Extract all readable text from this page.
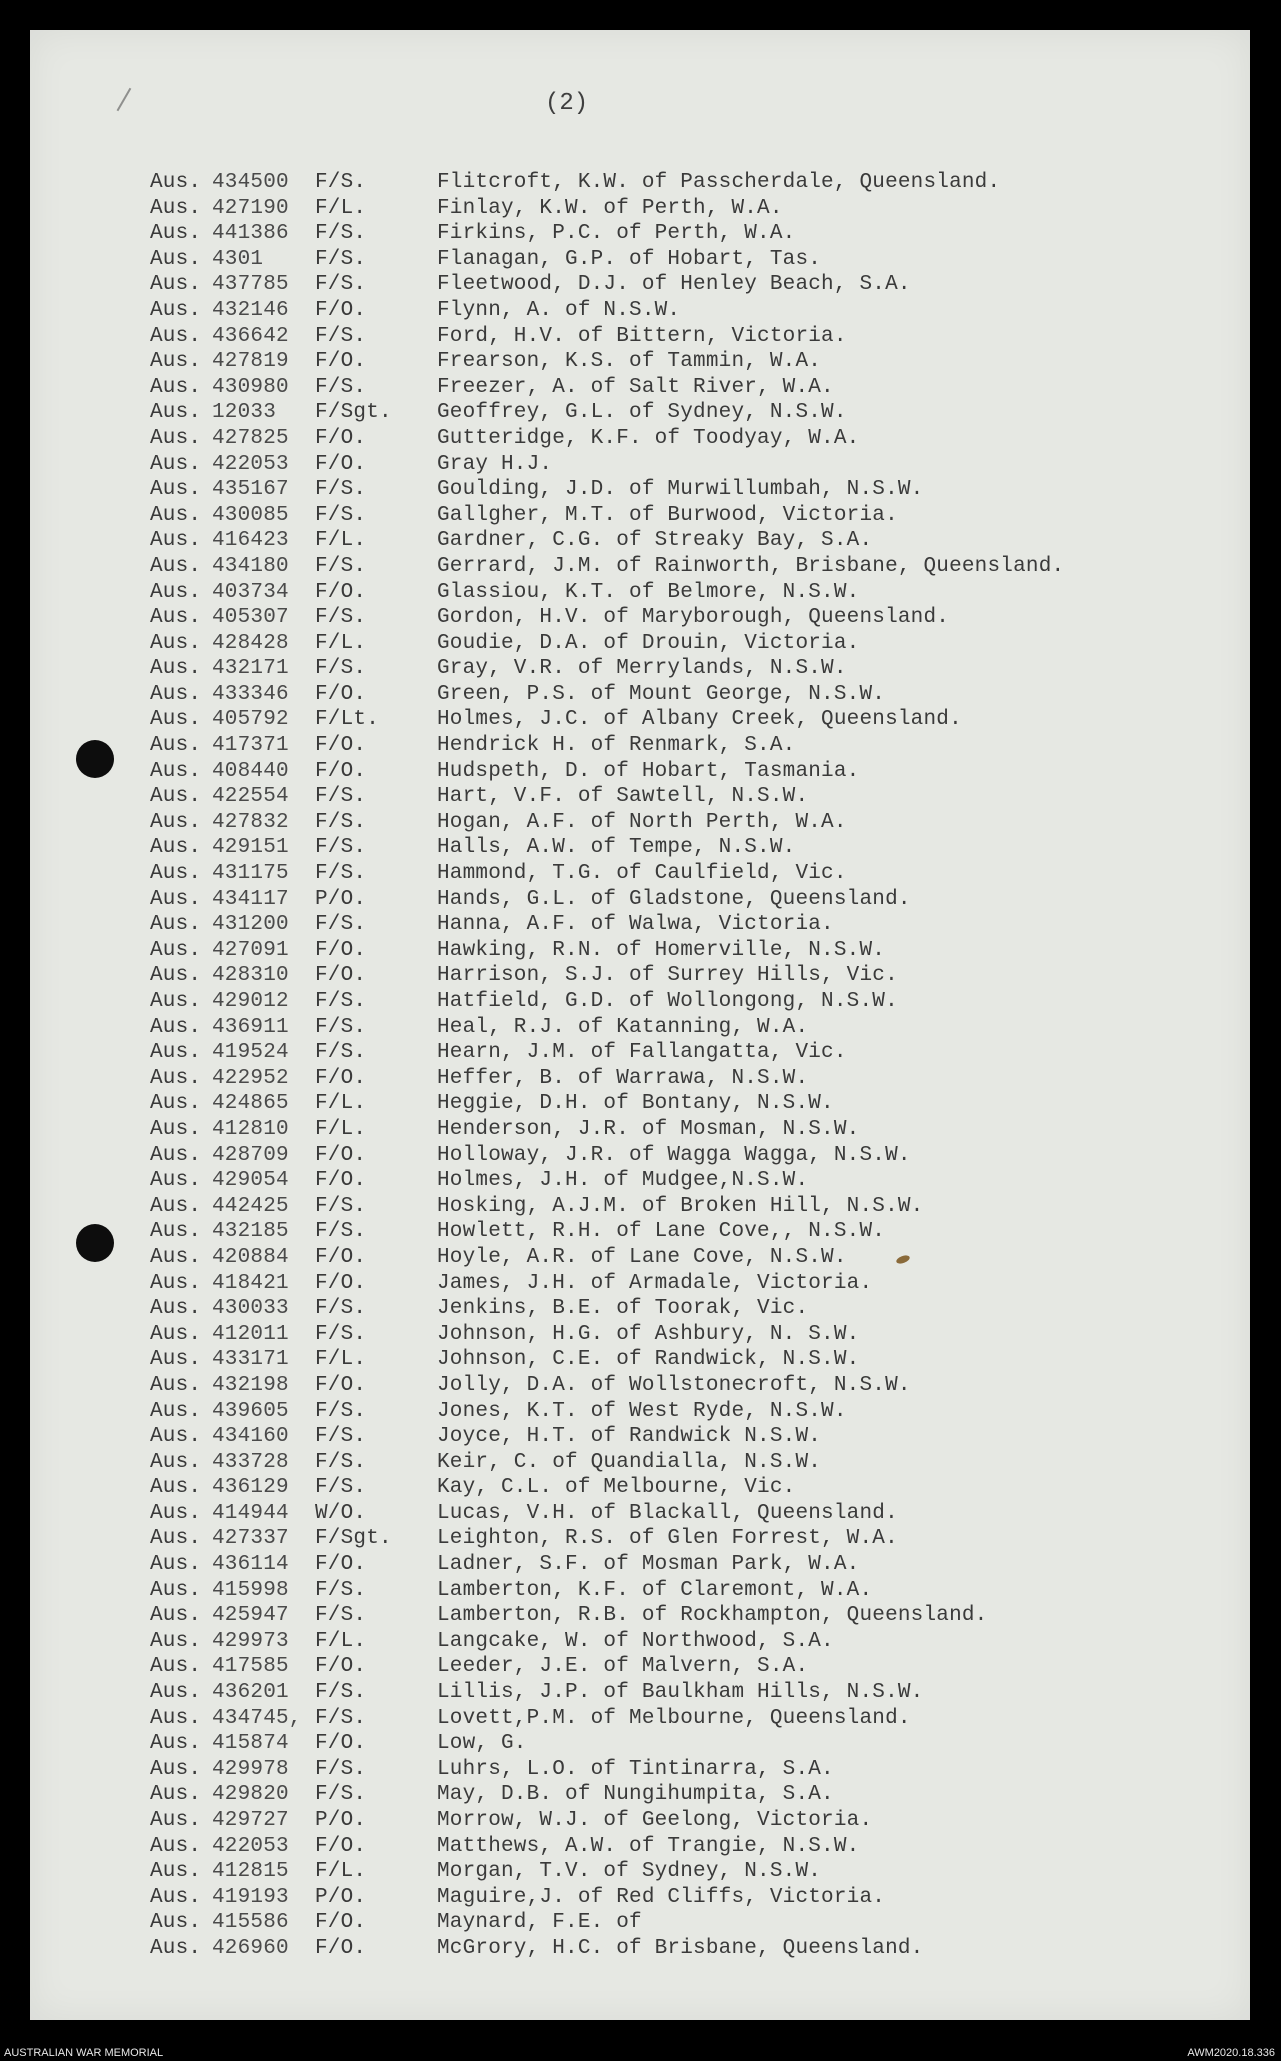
(2)
Aus. 434500 F/S.	Flitcroft, K.W. of Passcherdale, Queensland.
Aus. 427190 F/L.	Finlay, K.W. of Perth, W.A.
Aus. 441386 F/S.	Firkins, P.C. of Perth, W.A.
Aus. 4301 F/S.	Flanagan, G.P. of Hobart, Tas.
Aus. 437785 F/S.	Fleetwood, D.J. of Henley Beach, S.A.
Aus. 432146 F/O.	Flynn, A. of N.S.W.
Aus. 436642 F/S.	Ford, H.V. of Bittern, Victoria.
Aus. 427819 F/O.	Frearson, K.S. of Tammin, W.A.
Aus. 430980 F/S.	Freezer, A. of Salt River, W.A.
Aus. 12033 F/Sgt. Geoffrey, G.L. of Sydney, N.S.W.
Aus. 427825 F/O.	Gutteridge, K.F. of Toodyay, W.A.
Aus. 422053 F/O.	Gray H.J.
Aus. 435167 F/S.	Goulding, J.D. of Murwillumbah, N.S.W.
Aus. 430085 F/S.	Gallgher, M.T. of Burwood, Victoria.
Aus. 416423 F/L.	Gardner, C.G. of Streaky Bay, S.A.
Aus. 434180 F/S.	Gerrard, J.M. of Rainworth, Brisbane, Queensland.
Aus. 403734 F/O.	Glassiou, K.T. of Belmore, N.S.W.
Aus. 405307 F/S.	Gordon, H.V. of Maryborough, Queensland.
Aus. 428428 F/L.	Goudie, D.A. of Drouin, Victoria.
Aus. 432171 F/S.	Gray, V.R. of Merrylands, N.S.W.
Aus. 433346 F/O.	Green, P.S. of Mount George, N.S.W.
Aus. 405792 F/Lt.	Holmes, J.C. of Albany Creek, Queensland.
Aus. 417371 F/O.	Hendrick H. of Renmark, S.A.
Aus. 408440 F/O.	Hudspeth, D. of Hobart, Tasmania.
Aus. 422554 F/S.	Hart, V.F. of Sawtell, N.S.W.
Aus. 427832 F/S.	Hogan, A.F. of North Perth, W.A.
Aus. 429151 F/S.	Halls, A.W. of Tempe, N.S.W.
Aus. 431175 F/S.	Hammond, T.G. of Caulfield, Vic.
Aus. 434117 P/O.	Hands, G.L. of Gladstone, Queensland.
Aus. 431200 F/S.	Hanna, A.F. of Walwa, Victoria.
Aus. 427091 F/O.	Hawking, R.N. of Homerville, N.S.W.
Aus. 428310 F/O.	Harrison, S.J. of Surrey Hills, Vic.
Aus. 429012 F/S.	Hatfield, G.D. of Wollongong, N.S.W.
Aus. 436911 F/S.	Heal, R.J. of Katanning, W.A.
Aus. 419524 F/S.	Hearn, J.M. of Fallangatta, Vic.
Aus. 422952 F/O.	Heffer, B. of Warrawa, N.S.W.
Aus. 424865 F/L.	Heggie, D.H. of Bontany, N.S.W.
Aus. 412810 F/L.	Henderson, J.R. of Mosman, N.S.W.
Aus. 428709 F/O.	Holloway, J.R. of Wagga Wagga, N.S.W.
Aus. 429054 F/O.	Holmes, J.H. of Mudgee,N.S.W.
Aus. 442425 F/S.	Hosking, A.J.M. of Broken Hill, N.S.W.
Aus. 432185 F/S.	Howlett, R.H. of Lane Cove,, N.S.W.
Aus. 420884 F/O.	Hoyle, A.R. of Lane Cove, N.S.W.
Aus. 418421 F/O.	James, J.H. of Armadale, Victoria.
Aus. 430033 F/S.	Jenkins, B.E. of Toorak, Vic.
Aus. 412011 F/S.	Johnson, H.G. of Ashbury, N. S.W.
Aus. 433171 F/L.	Johnson, C.E. of Randwick, N.S.W.
Aus. 432198 F/O.	Jolly, D.A. of Wollstonecroft, N.S.W.
Aus. 439605 F/S.	Jones, K.T. of West Ryde, N.S.W.
Aus. 434160 F/S.	Joyce, H.T. of Randwick N.S.W.
Aus. 433728 F/S.	Keir, C. of Quandialla, N.S.W.
Aus. 436129 F/S.	Kay, C.L. of Melbourne, Vic.
Aus. 414944 W/O.	Lucas, V.H. of Blackall, Queensland.
Aus. 427337 F/Sgt. Leighton, R.S. of Glen Forrest, W.A.
Aus. 436114 F/O.	Ladner, S.F. of Mosman Park, W.A.
Aus. 415998 F/S.	Lamberton, K.F. of Claremont, W.A.
Aus. 425947 F/S.	Lamberton, R.B. of Rockhampton, Queensland.
Aus. 429973 F/L.	Langcake, W. of Northwood, S.A.
Aus. 417585 F/O.	Leeder, J.E. of Malvern, S.A.
Aus. 436201 F/S.	Lillis, J.P. of Baulkham Hills, N.S.W.
Aus. 434745, F/S.	Lovett,P.M. of Melbourne, Queensland.
Aus. 415874 F/O.	Low, G.
Aus. 429978 F/S.	Luhrs, L.O. of Tintinarra, S.A.
Aus. 429820 F/S.	May, D.B. of Nungihumpita, S.A.
Aus. 429727 P/O.	Morrow, W.J. of Geelong, Victoria.
Aus. 422053 F/O.	Matthews, A.W. of Trangie, N.S.W.
Aus. 412815 F/L.	Morgan, T.V. of Sydney, N.S.W.
Aus. 419193 P/O.	Maguire,J. of Red Cliffs, Victoria.
Aus. 415586 F/O.	Maynard, F.E. of
Aus. 426960 F/O.	McGrory, H.C. of Brisbane, Queensland.
AUSTRALIAN WAR MEMORIAL	AWM2020.18.336
